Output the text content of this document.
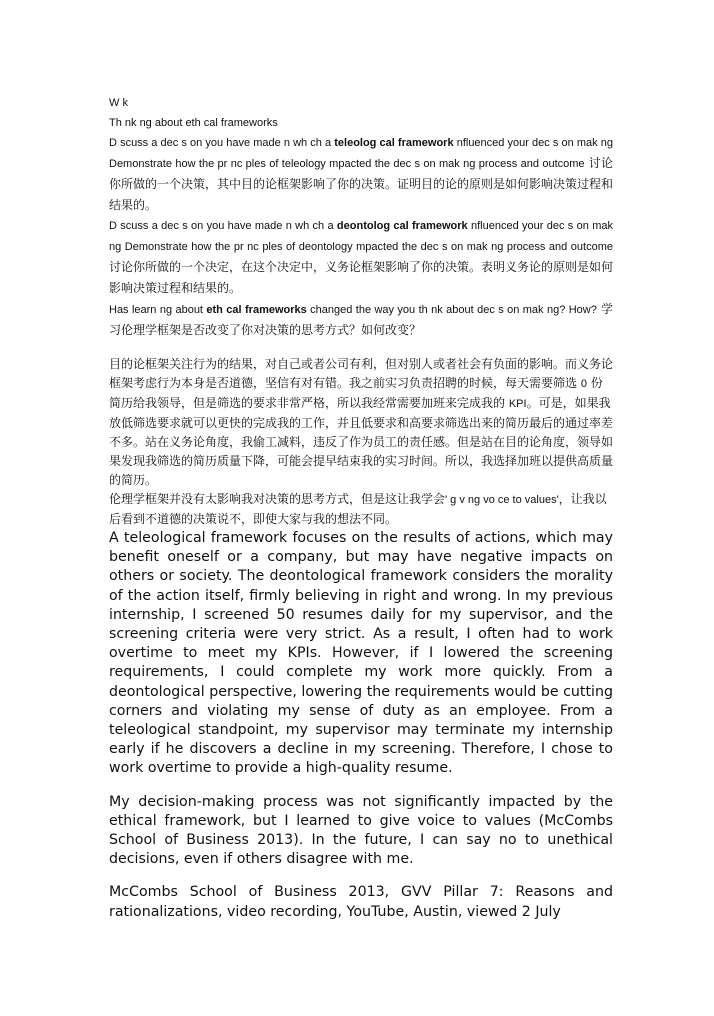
W k

Th nk ng about eth cal frameworks

D scuss a dec s on you have made n wh ch a teleolog cal framework nfluenced your dec s on mak ng Demonstrate how the pr nc ples of teleology mpacted the dec s on mak ng process and outcome 讨论你所做的一个决策，其中目的论框架影响了你的决策。证明目的论的原则是如何影响决策过程和结果的。

D scuss a dec s on you have made n wh ch a deontolog cal framework nfluenced your dec s on mak ng Demonstrate how the pr nc ples of deontology mpacted the dec s on mak ng process and outcome 讨论你所做的一个决定，在这个决定中，义务论框架影响了你的决策。表明义务论的原则是如何影响决策过程和结果的。

Has learn ng about eth cal frameworks changed the way you th nk about dec s on mak ng? How? 学习伦理学框架是否改变了你对决策的思考方式？如何改变？

目的论框架关注行为的结果，对自己或者公司有利，但对别人或者社会有负面的影响。而义务论框架考虑行为本身是否道德，坚信有对有错。我之前实习负责招聘的时候，每天需要筛选 0 份简历给我领导，但是筛选的要求非常严格，所以我经常需要加班来完成我的 KPI。可是，如果我放低筛选要求就可以更快的完成我的工作，并且低要求和高要求筛选出来的简历最后的通过率差不多。站在义务论角度，我偷工减料，违反了作为员工的责任感。但是站在目的论角度，领导如果发现我筛选的简历质量下降，可能会提早结束我的实习时间。所以，我选择加班以提供高质量的简历。

伦理学框架并没有太影响我对决策的思考方式，但是这让我学会' g v ng vo ce to values'，让我以后看到不道德的决策说不，即使大家与我的想法不同。

A teleological framework focuses on the results of actions, which may benefit oneself or a company, but may have negative impacts on others or society. The deontological framework considers the morality of the action itself, firmly believing in right and wrong. In my previous internship, I screened 50 resumes daily for my supervisor, and the screening criteria were very strict. As a result, I often had to work overtime to meet my KPIs. However, if I lowered the screening requirements, I could complete my work more quickly. From a deontological perspective, lowering the requirements would be cutting corners and violating my sense of duty as an employee. From a teleological standpoint, my supervisor may terminate my internship early if he discovers a decline in my screening. Therefore, I chose to work overtime to provide a high-quality resume.

My decision-making process was not significantly impacted by the ethical framework, but I learned to give voice to values (McCombs School of Business 2013). In the future, I can say no to unethical decisions, even if others disagree with me.

McCombs School of Business 2013, GVV Pillar 7: Reasons and rationalizations, video recording, YouTube, Austin, viewed 2 July
